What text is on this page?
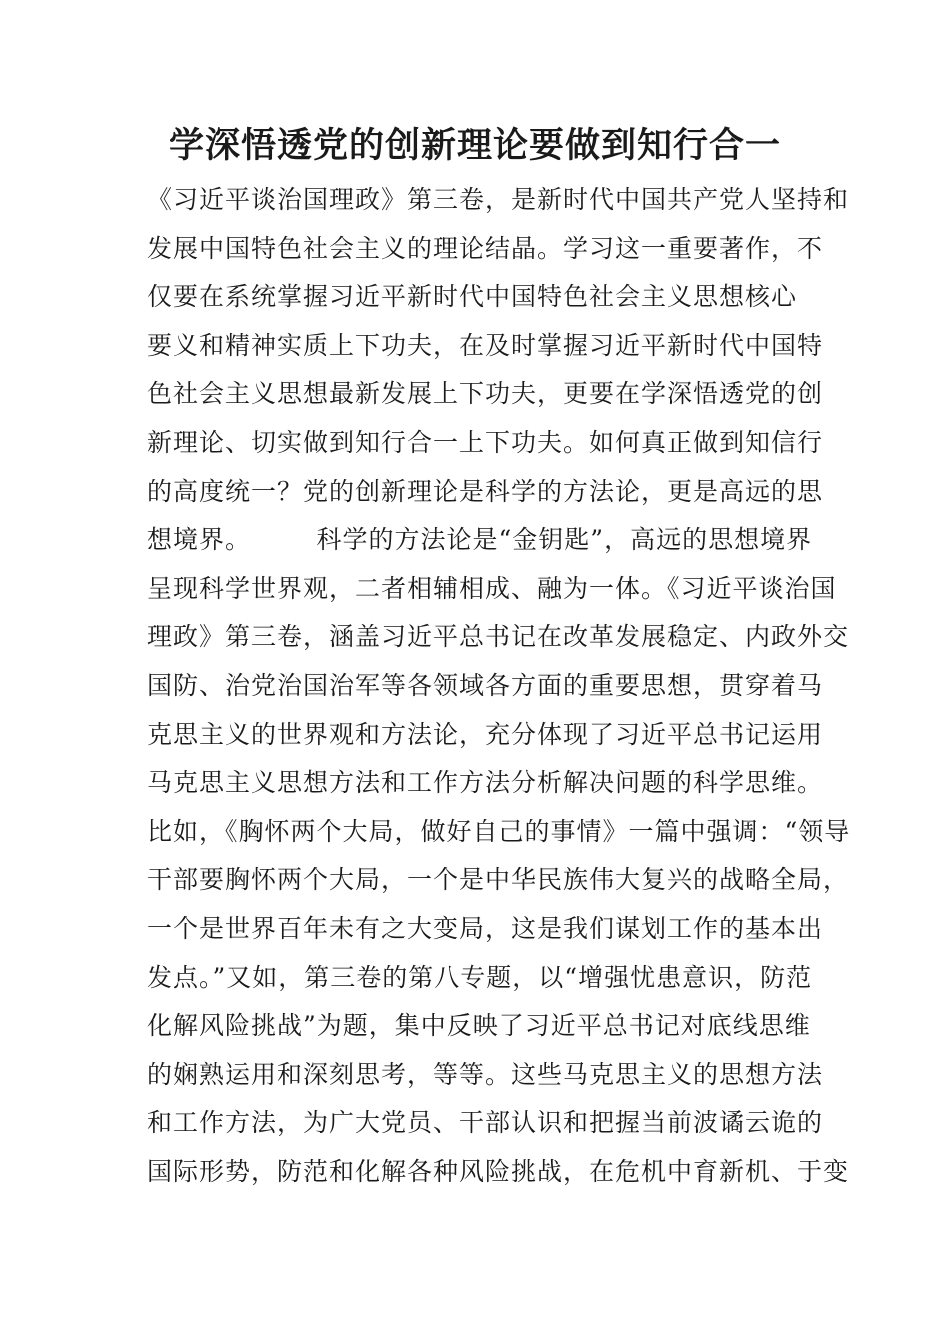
学深悟透党的创新理论要做到知行合一
《习近平谈治国理政》第三卷，是新时代中国共产党人坚持和
发展中国特色社会主义的理论结晶。学习这一重要著作，不
仅要在系统掌握习近平新时代中国特色社会主义思想核心
要义和精神实质上下功夫，在及时掌握习近平新时代中国特
色社会主义思想最新发展上下功夫，更要在学深悟透党的创
新理论、切实做到知行合一上下功夫。如何真正做到知信行
的高度统一？党的创新理论是科学的方法论，更是高远的思
想境界。　　　科学的方法论是“金钥匙”，高远的思想境界
呈现科学世界观，二者相辅相成、融为一体。《习近平谈治国
理政》第三卷，涵盖习近平总书记在改革发展稳定、内政外交
国防、治党治国治军等各领域各方面的重要思想，贯穿着马
克思主义的世界观和方法论，充分体现了习近平总书记运用
马克思主义思想方法和工作方法分析解决问题的科学思维。
比如，《胸怀两个大局，做好自己的事情》一篇中强调：“领导
干部要胸怀两个大局，一个是中华民族伟大复兴的战略全局，
一个是世界百年未有之大变局，这是我们谋划工作的基本出
发点。”又如，第三卷的第八专题，以“增强忧患意识，防范
化解风险挑战”为题，集中反映了习近平总书记对底线思维
的娴熟运用和深刻思考，等等。这些马克思主义的思想方法
和工作方法，为广大党员、干部认识和把握当前波谲云诡的
国际形势，防范和化解各种风险挑战，在危机中育新机、于变
